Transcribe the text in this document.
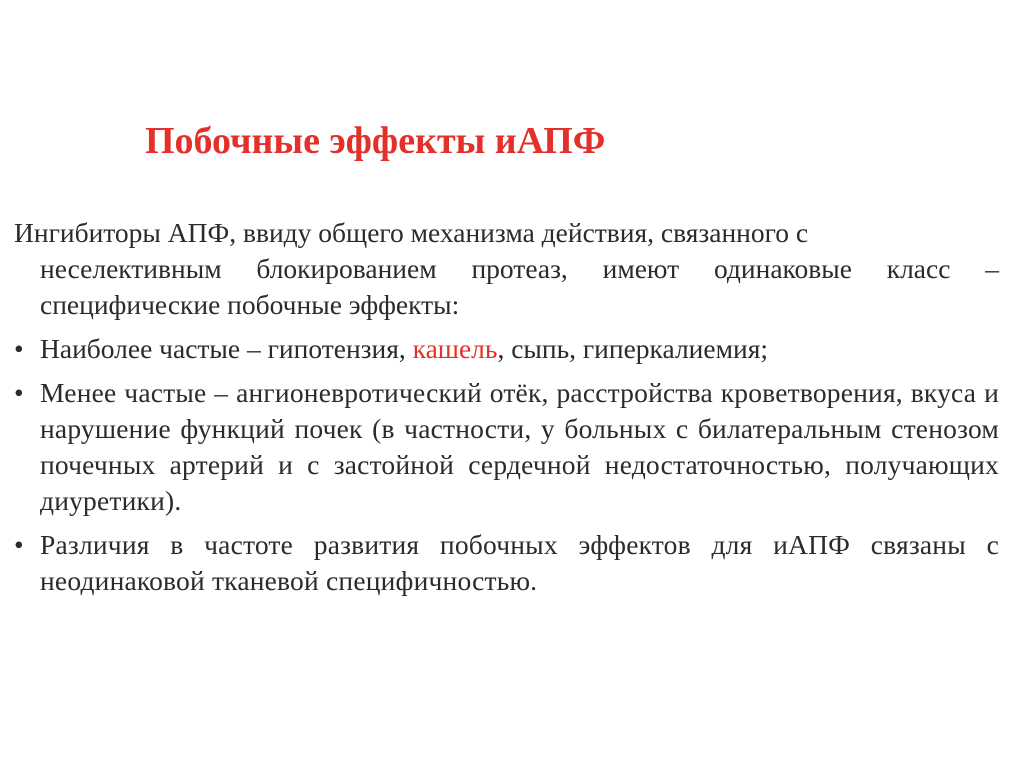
Побочные эффекты иАПФ

Ингибиторы АПФ, ввиду общего механизма действия, связанного с
неселективным блокированием протеаз, имеют одинаковые класс – специфические побочные эффекты:

• Наиболее частые – гипотензия, кашель, сыпь, гиперкалиемия;
• Менее частые – ангионевротический отёк, расстройства кроветворения, вкуса и нарушение функций почек (в частности, у больных с билатеральным стенозом почечных артерий и с застойной сердечной недостаточностью, получающих диуретики).
• Различия в частоте развития побочных эффектов для иАПФ связаны с неодинаковой тканевой специфичностью.
